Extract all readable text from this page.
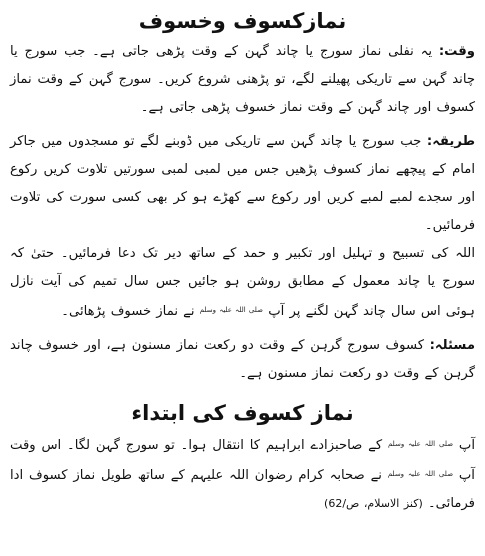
نمازکسوف وخسوف

وقت: یہ نفلی نماز سورج یا چاند گہن کے وقت پڑھی جاتی ہے۔ جب سورج یا چاند گہن سے تاریکی پھیلنے لگے، تو پڑھنی شروع کریں۔ سورج گہن کے وقت نماز کسوف اور چاند گہن کے وقت نماز خسوف پڑھی جاتی ہے۔

طریقہ: جب سورج یا چاند گہن سے تاریکی میں ڈوبنے لگے تو مسجدوں میں جاکر امام کے پیچھے نماز کسوف پڑھیں جس میں لمبی لمبی سورتیں تلاوت کریں رکوع اور سجدے لمبے لمبے کریں اور رکوع سے کھڑے ہو کر بھی کسی سورت کی تلاوت فرمائیں۔

اللہ کی تسبیح و تہلیل اور تکبیر و حمد کے ساتھ دیر تک دعا فرمائیں۔ حتیٰ کہ سورج یا چاند معمول کے مطابق روشن ہو جائیں جس سال تمیم کی آیت نازل ہوئی اس سال چاند گہن لگنے پر آپ $^{صلی اللہ علیہ وسلم}$ نے نماز خسوف پڑھائی۔

مسئلہ: کسوف سورج گرہن کے وقت دو رکعت نماز مسنون ہے، اور خسوف چاند گرہن کے وقت دو رکعت نماز مسنون ہے۔

نماز کسوف کی ابتداء

آپ $^{صلی اللہ علیہ وسلم}$ کے صاحبزادے ابراہیم کا انتقال ہوا۔ تو سورج گہن لگا۔ اس وقت آپ $^{صلی اللہ علیہ وسلم}$ نے صحابہ کرام رضوان اللہ علیہم کے ساتھ طویل نماز کسوف ادا فرمائی۔ (کنز الاسلام، ص/62)
